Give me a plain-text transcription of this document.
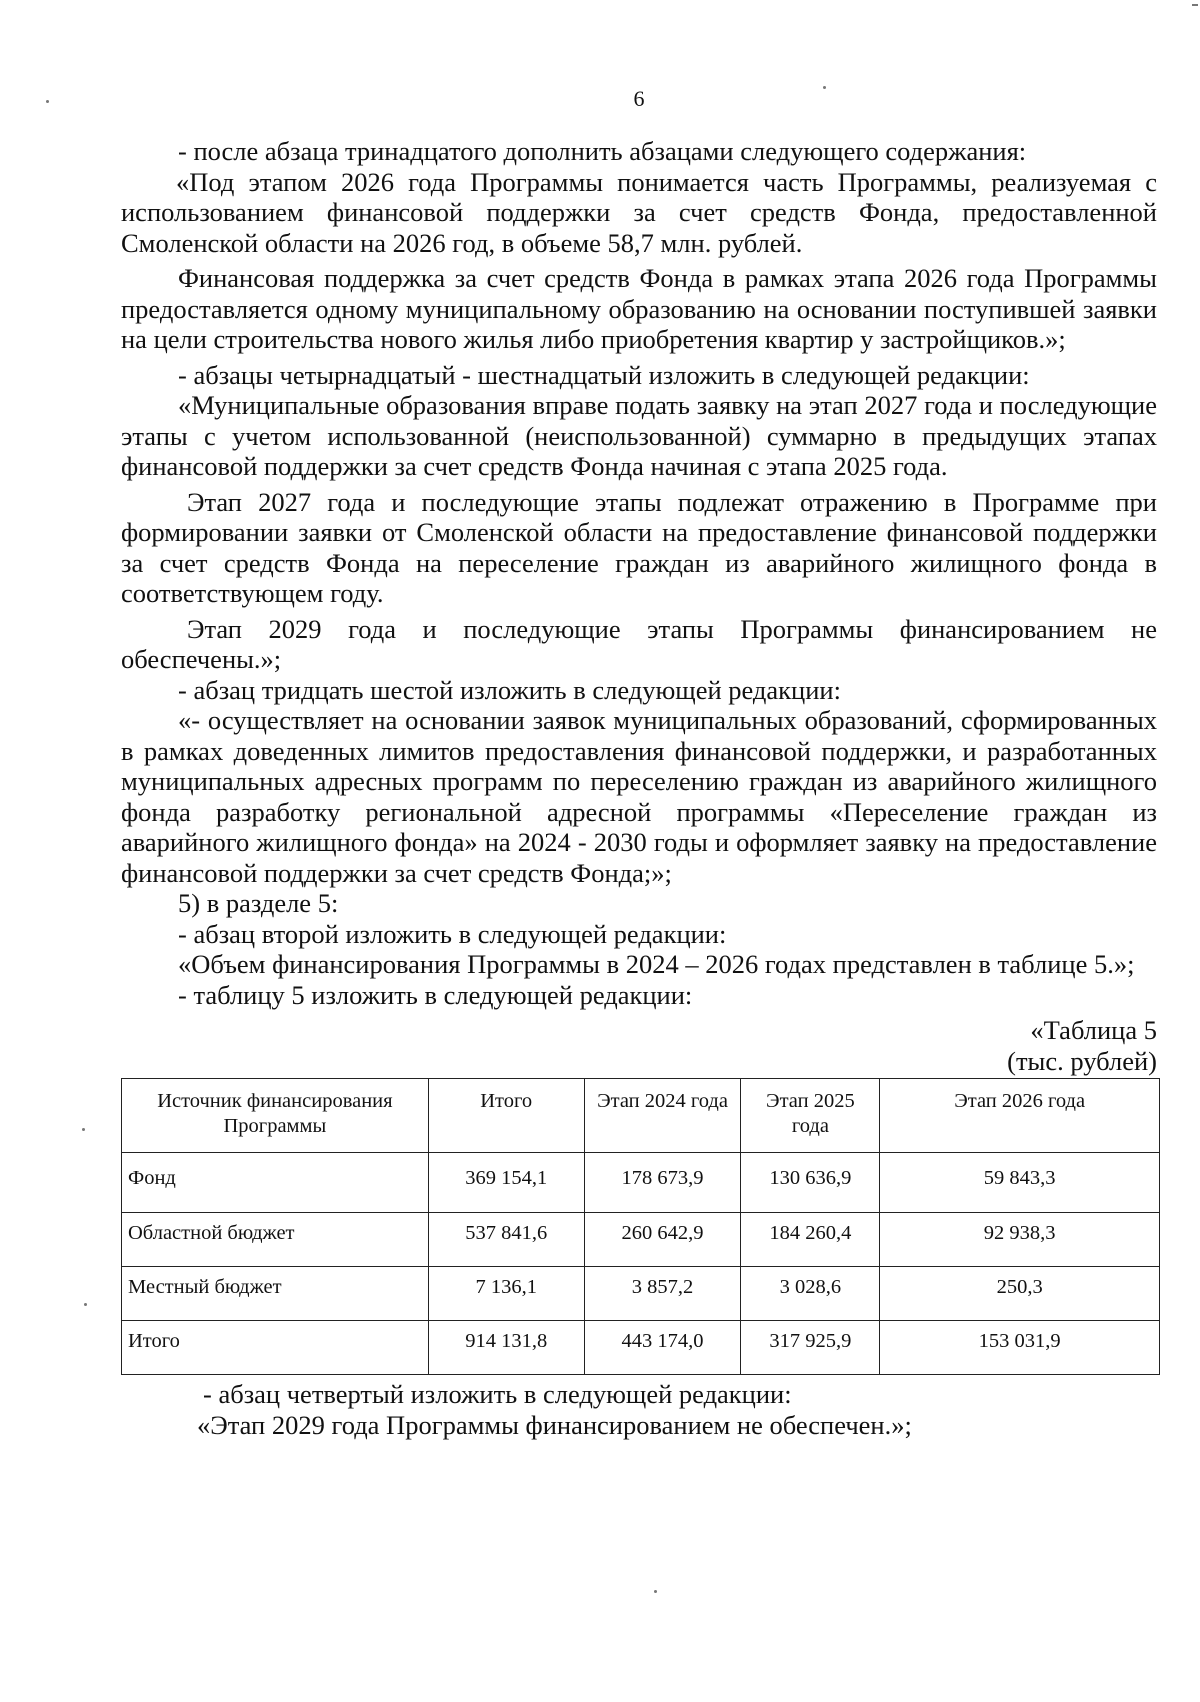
6

- после абзаца тринадцатого дополнить абзацами следующего содержания:

«Под этапом 2026 года Программы понимается часть Программы, реализуемая с использованием финансовой поддержки за счет средств Фонда, предоставленной Смоленской области на 2026 год, в объеме 58,7 млн. рублей.

Финансовая поддержка за счет средств Фонда в рамках этапа 2026 года Программы предоставляется одному муниципальному образованию на основании поступившей заявки на цели строительства нового жилья либо приобретения квартир у застройщиков.»;

- абзацы четырнадцатый - шестнадцатый изложить в следующей редакции:

«Муниципальные образования вправе подать заявку на этап 2027 года и последующие этапы с учетом использованной (неиспользованной) суммарно в предыдущих этапах финансовой поддержки за счет средств Фонда начиная с этапа 2025 года.

Этап 2027 года и последующие этапы подлежат отражению в Программе при формировании заявки от Смоленской области на предоставление финансовой поддержки за счет средств Фонда на переселение граждан из аварийного жилищного фонда в соответствующем году.

Этап 2029 года и последующие этапы Программы финансированием не обеспечены.»;

- абзац тридцать шестой изложить в следующей редакции:

«- осуществляет на основании заявок муниципальных образований, сформированных в рамках доведенных лимитов предоставления финансовой поддержки, и разработанных муниципальных адресных программ по переселению граждан из аварийного жилищного фонда разработку региональной адресной программы «Переселение граждан из аварийного жилищного фонда» на 2024 - 2030 годы и оформляет заявку на предоставление финансовой поддержки за счет средств Фонда;»;

5) в разделе 5:

- абзац второй изложить в следующей редакции:

«Объем финансирования Программы в 2024 – 2026 годах представлен в таблице 5.»;

- таблицу 5 изложить в следующей редакции:

«Таблица 5

(тыс. рублей)

Источник финансирования Программы	Итого	Этап 2024 года	Этап 2025 года	Этап 2026 года
Фонд	369 154,1	178 673,9	130 636,9	59 843,3
Областной бюджет	537 841,6	260 642,9	184 260,4	92 938,3
Местный бюджет	7 136,1	3 857,2	3 028,6	250,3
Итого	914 131,8	443 174,0	317 925,9	153 031,9

- абзац четвертый изложить в следующей редакции:

«Этап 2029 года Программы финансированием не обеспечен.»;
